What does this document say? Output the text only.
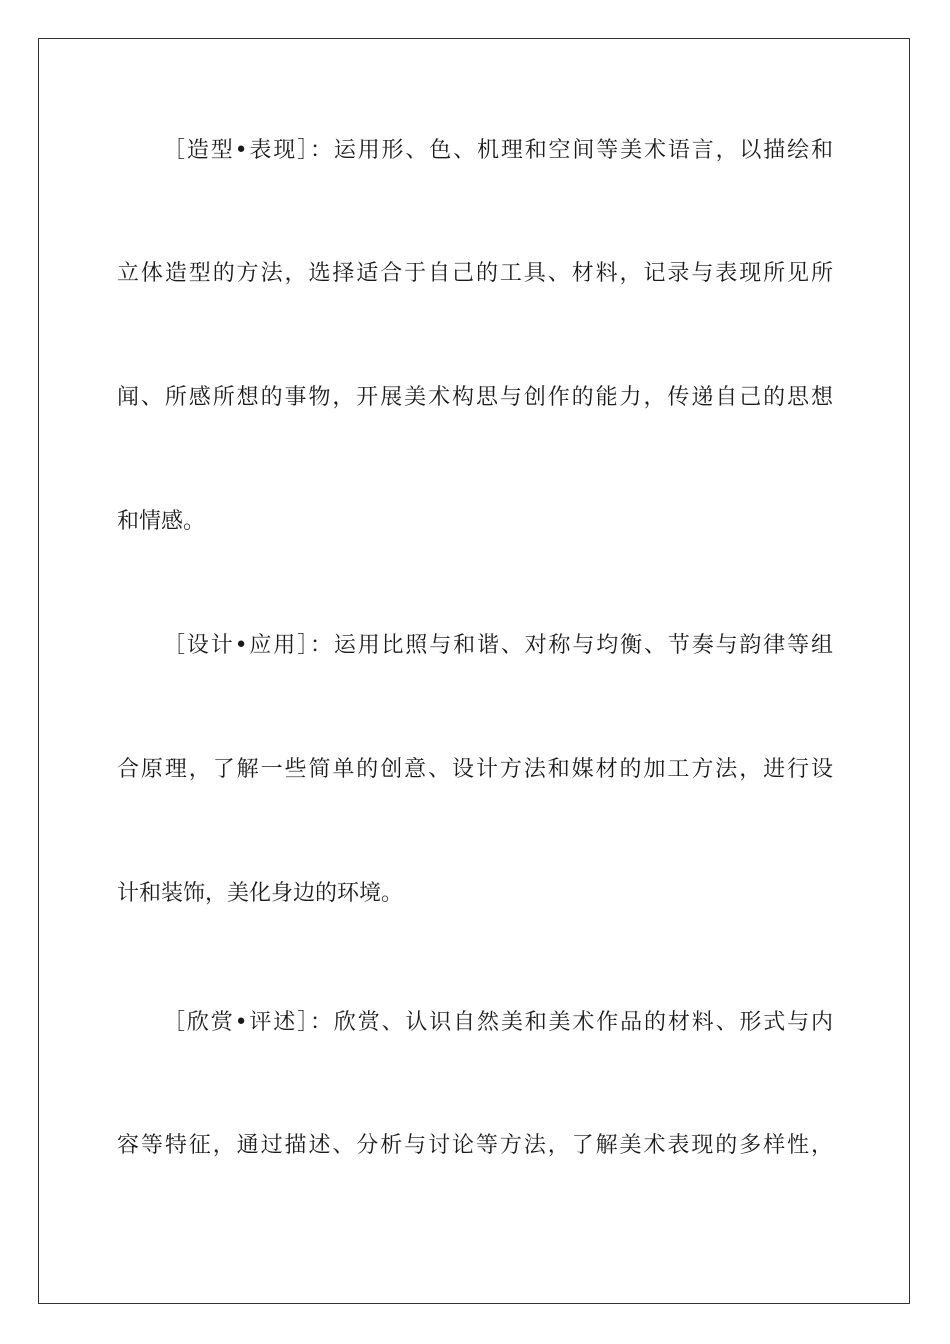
［造型•表现］：运用形、色、机理和空间等美术语言，以描绘和
立体造型的方法，选择适合于自己的工具、材料，记录与表现所见所
闻、所感所想的事物，开展美术构思与创作的能力，传递自己的思想
和情感。
［设计•应用］：运用比照与和谐、对称与均衡、节奏与韵律等组
合原理，了解一些简单的创意、设计方法和媒材的加工方法，进行设
计和装饰，美化身边的环境。
［欣赏•评述］：欣赏、认识自然美和美术作品的材料、形式与内
容等特征，通过描述、分析与讨论等方法，了解美术表现的多样性，
